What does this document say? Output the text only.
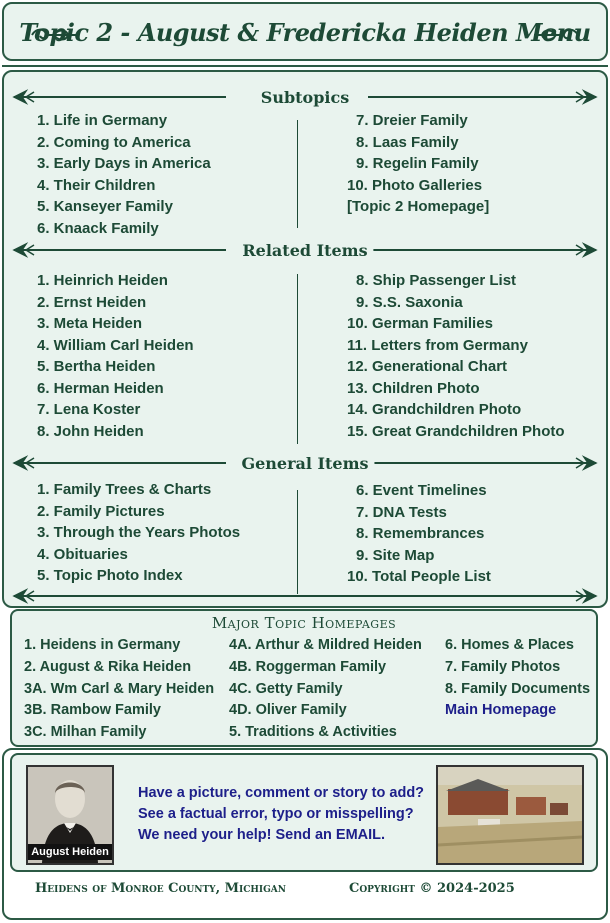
Topic 2 - August & Fredericka Heiden Menu
Subtopics
1. Life in Germany
2. Coming to America
3. Early Days in America
4. Their Children
5. Kanseyer Family
6. Knaack Family
7. Dreier Family
8. Laas Family
9. Regelin Family
10. Photo Galleries
[Topic 2 Homepage]
Related Items
1. Heinrich Heiden
2. Ernst Heiden
3. Meta Heiden
4. William Carl Heiden
5. Bertha Heiden
6. Herman Heiden
7. Lena Koster
8. John Heiden
8. Ship Passenger List
9. S.S. Saxonia
10. German Families
11. Letters from Germany
12. Generational Chart
13. Children Photo
14. Grandchildren Photo
15. Great Grandchildren Photo
General Items
1. Family Trees & Charts
2. Family Pictures
3. Through the Years Photos
4. Obituaries
5. Topic Photo Index
6. Event Timelines
7. DNA Tests
8. Remembrances
9. Site Map
10. Total People List
Major Topic Homepages
1. Heidens in Germany
2. August & Rika Heiden
3A. Wm Carl & Mary Heiden
3B. Rambow Family
3C. Milhan Family
4A. Arthur & Mildred Heiden
4B. Roggerman Family
4C. Getty Family
4D. Oliver Family
5. Traditions & Activities
6. Homes & Places
7. Family Photos
8. Family Documents
Main Homepage
August Heiden
Have a picture, comment or story to add?
See a factual error, typo or misspelling?
We need your help! Send an EMAIL.
Heidens of Monroe County, Michigan	Copyright © 2024-2025
